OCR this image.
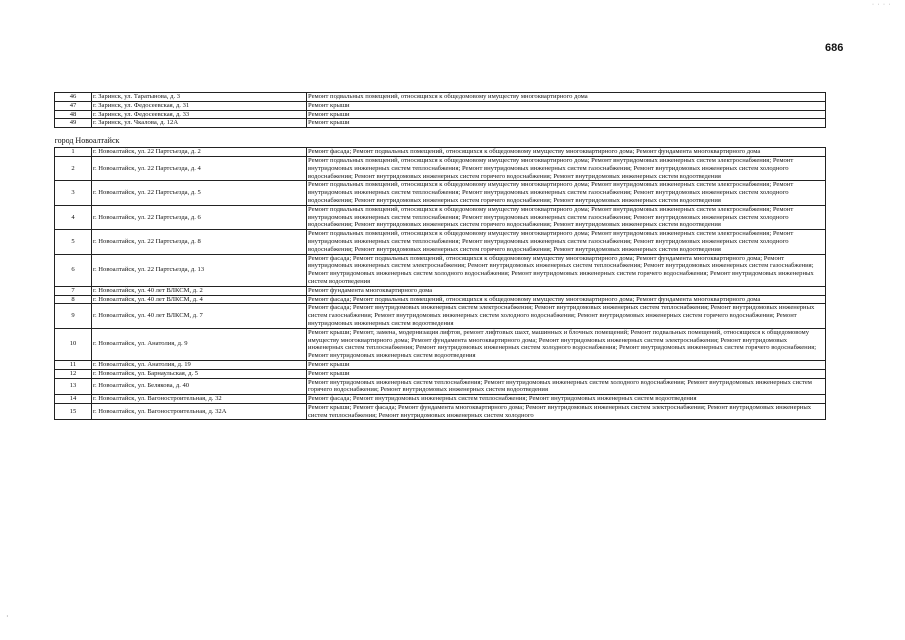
· · · ·
686
46	г. Заринск, ул. Таратынова, д. 3	Ремонт подвальных помещений, относящихся к общедомовому имуществу многоквартирного дома
47	г. Заринск, ул. Федосеевская, д. 31	Ремонт крыши
48	г. Заринск, ул. Федосеевская, д. 33	Ремонт крыши
49	г. Заринск, ул. Чкалова, д. 12А	Ремонт крыши

город Новоалтайск		
1	г. Новоалтайск, ул. 22 Партсъезда, д. 2	Ремонт фасада; Ремонт подвальных помещений, относящихся к общедомовому имуществу многоквартирного дома; Ремонт фундамента многоквартирного дома
2	г. Новоалтайск, ул. 22 Партсъезда, д. 4	Ремонт подвальных помещений, относящихся к общедомовому имуществу многоквартирного дома; Ремонт внутридомовых инженерных систем электроснабжения; Ремонт внутридомовых инженерных систем теплоснабжения; Ремонт внутридомовых инженерных систем газоснабжения; Ремонт внутридомовых инженерных систем холодного водоснабжения; Ремонт внутридомовых инженерных систем горячего водоснабжения; Ремонт внутридомовых инженерных систем водоотведения
3	г. Новоалтайск, ул. 22 Партсъезда, д. 5	Ремонт подвальных помещений, относящихся к общедомовому имуществу многоквартирного дома; Ремонт внутридомовых инженерных систем электроснабжения; Ремонт внутридомовых инженерных систем теплоснабжения; Ремонт внутридомовых инженерных систем газоснабжения; Ремонт внутридомовых инженерных систем холодного водоснабжения; Ремонт внутридомовых инженерных систем горячего водоснабжения; Ремонт внутридомовых инженерных систем водоотведения
4	г. Новоалтайск, ул. 22 Партсъезда, д. 6	Ремонт подвальных помещений, относящихся к общедомовому имуществу многоквартирного дома; Ремонт внутридомовых инженерных систем электроснабжения; Ремонт внутридомовых инженерных систем теплоснабжения; Ремонт внутридомовых инженерных систем газоснабжения; Ремонт внутридомовых инженерных систем холодного водоснабжения; Ремонт внутридомовых инженерных систем горячего водоснабжения; Ремонт внутридомовых инженерных систем водоотведения
5	г. Новоалтайск, ул. 22 Партсъезда, д. 8	Ремонт подвальных помещений, относящихся к общедомовому имуществу многоквартирного дома; Ремонт внутридомовых инженерных систем электроснабжения; Ремонт внутридомовых инженерных систем теплоснабжения; Ремонт внутридомовых инженерных систем газоснабжения; Ремонт внутридомовых инженерных систем холодного водоснабжения; Ремонт внутридомовых инженерных систем горячего водоснабжения; Ремонт внутридомовых инженерных систем водоотведения
6	г. Новоалтайск, ул. 22 Партсъезда, д. 13	Ремонт фасада; Ремонт подвальных помещений, относящихся к общедомовому имуществу многоквартирного дома; Ремонт фундамента многоквартирного дома; Ремонт внутридомовых инженерных систем электроснабжения; Ремонт внутридомовых инженерных систем теплоснабжения; Ремонт внутридомовых инженерных систем газоснабжения; Ремонт внутридомовых инженерных систем холодного водоснабжения; Ремонт внутридомовых инженерных систем горячего водоснабжения; Ремонт внутридомовых инженерных систем водоотведения
7	г. Новоалтайск, ул. 40 лет ВЛКСМ, д. 2	Ремонт фундамента многоквартирного дома
8	г. Новоалтайск, ул. 40 лет ВЛКСМ, д. 4	Ремонт фасада; Ремонт подвальных помещений, относящихся к общедомовому имуществу многоквартирного дома; Ремонт фундамента многоквартирного дома
9	г. Новоалтайск, ул. 40 лет ВЛКСМ, д. 7	Ремонт фасада; Ремонт внутридомовых инженерных систем электроснабжения; Ремонт внутридомовых инженерных систем теплоснабжения; Ремонт внутридомовых инженерных систем газоснабжения; Ремонт внутридомовых инженерных систем холодного водоснабжения; Ремонт внутридомовых инженерных систем горячего водоснабжения; Ремонт внутридомовых инженерных систем водоотведения
10	г. Новоалтайск, ул. Анатолия, д. 9	Ремонт крыши; Ремонт, замена, модернизация лифтов, ремонт лифтовых шахт, машинных и блочных помещений; Ремонт подвальных помещений, относящихся к общедомовому имуществу многоквартирного дома; Ремонт фундамента многоквартирного дома; Ремонт внутридомовых инженерных систем электроснабжения; Ремонт внутридомовых инженерных систем теплоснабжения; Ремонт внутридомовых инженерных систем холодного водоснабжения; Ремонт внутридомовых инженерных систем горячего водоснабжения; Ремонт внутридомовых инженерных систем водоотведения
11	г. Новоалтайск, ул. Анатолия, д. 19	Ремонт крыши
12	г. Новоалтайск, ул. Барнаульская, д. 5	Ремонт крыши
13	г. Новоалтайск, ул. Белякова, д. 40	Ремонт внутридомовых инженерных систем теплоснабжения; Ремонт внутридомовых инженерных систем холодного водоснабжения; Ремонт внутридомовых инженерных систем горячего водоснабжения; Ремонт внутридомовых инженерных систем водоотведения
14	г. Новоалтайск, ул. Вагоностроительная, д. 32	Ремонт фасада; Ремонт внутридомовых инженерных систем теплоснабжения; Ремонт внутридомовых инженерных систем водоотведения
15	г. Новоалтайск, ул. Вагоностроительная, д. 32А	Ремонт крыши; Ремонт фасада; Ремонт фундамента многоквартирного дома; Ремонт внутридомовых инженерных систем электроснабжения; Ремонт внутридомовых инженерных систем теплоснабжения; Ремонт внутридомовых инженерных систем холодного
·
